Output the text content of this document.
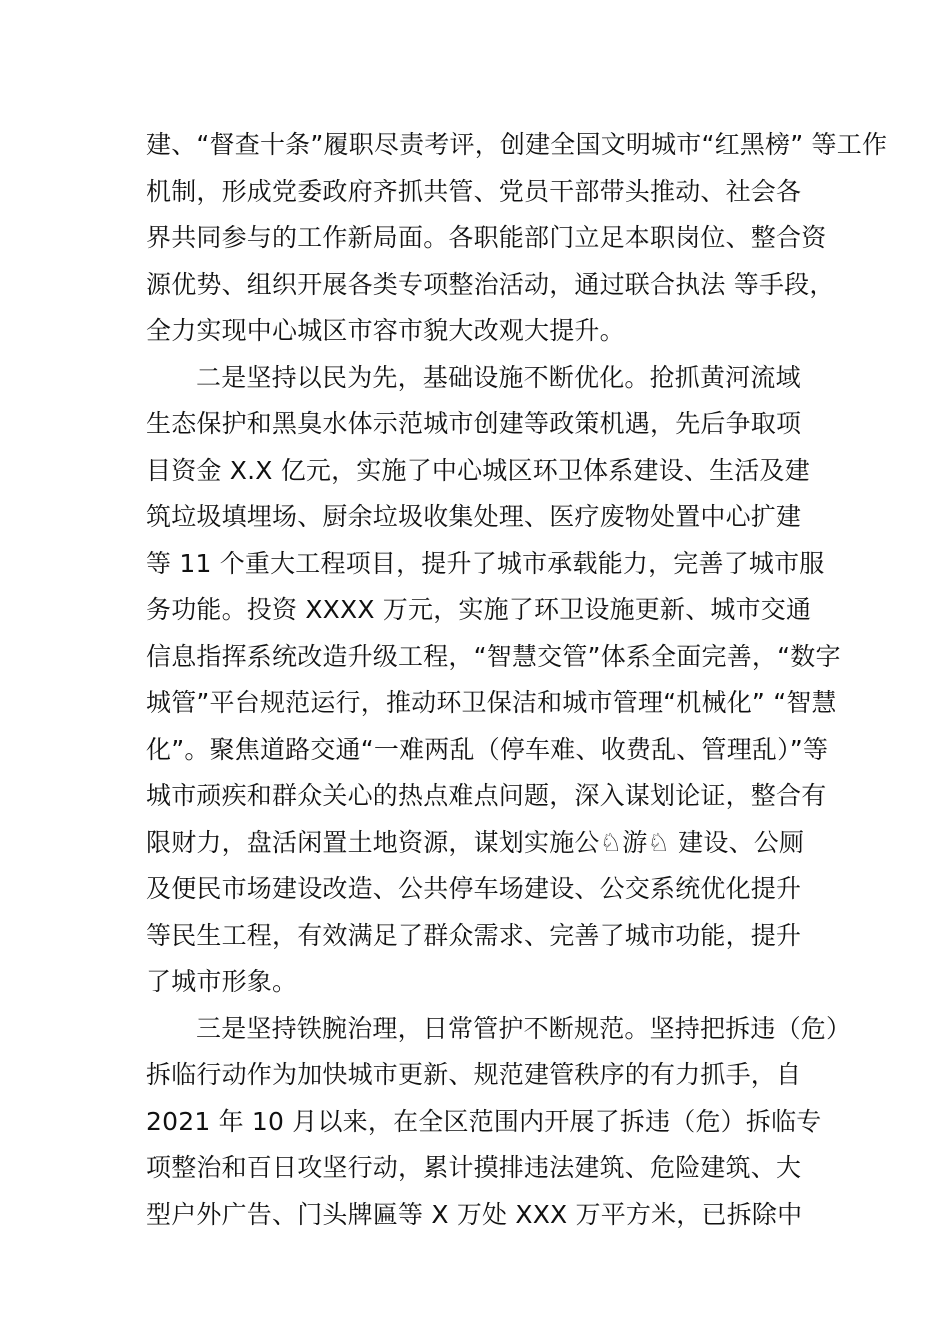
建、“督查十条”履职尽责考评，创建全国文明城市“红黑榜” 等工作
机制，形成党委政府齐抓共管、党员干部带头推动、社会各
界共同参与的工作新局面。各职能部门立足本职岗位、整合资
源优势、组织开展各类专项整治活动，通过联合执法 等手段，
全力实现中心城区市容市貌大改观大提升。
二是坚持以民为先，基础设施不断优化。抢抓黄河流域
生态保护和黑臭水体示范城市创建等政策机遇，先后争取项
目资金 X.X 亿元，实施了中心城区环卫体系建设、生活及建
筑垃圾填埋场、厨余垃圾收集处理、医疗废物处置中心扩建
等 11 个重大工程项目，提升了城市承载能力，完善了城市服
务功能。投资 XXXX 万元，实施了环卫设施更新、城市交通
信息指挥系统改造升级工程，“智慧交管”体系全面完善，“数字
城管”平台规范运行，推动环卫保洁和城市管理“机械化” “智慧
化”。聚焦道路交通“一难两乱（停车难、收费乱、管理乱）”等
城市顽疾和群众关心的热点难点问题，深入谋划论证，整合有
限财力，盘活闲置土地资源，谋划实施公♘游♘ 建设、公厕
及便民市场建设改造、公共停车场建设、公交系统优化提升
等民生工程，有效满足了群众需求、完善了城市功能，提升
了城市形象。
三是坚持铁腕治理，日常管护不断规范。坚持把拆违（危）
拆临行动作为加快城市更新、规范建管秩序的有力抓手，自
2021 年 10 月以来，在全区范围内开展了拆违（危）拆临专
项整治和百日攻坚行动，累计摸排违法建筑、危险建筑、大
型户外广告、门头牌匾等 X 万处 XXX 万平方米，已拆除中
